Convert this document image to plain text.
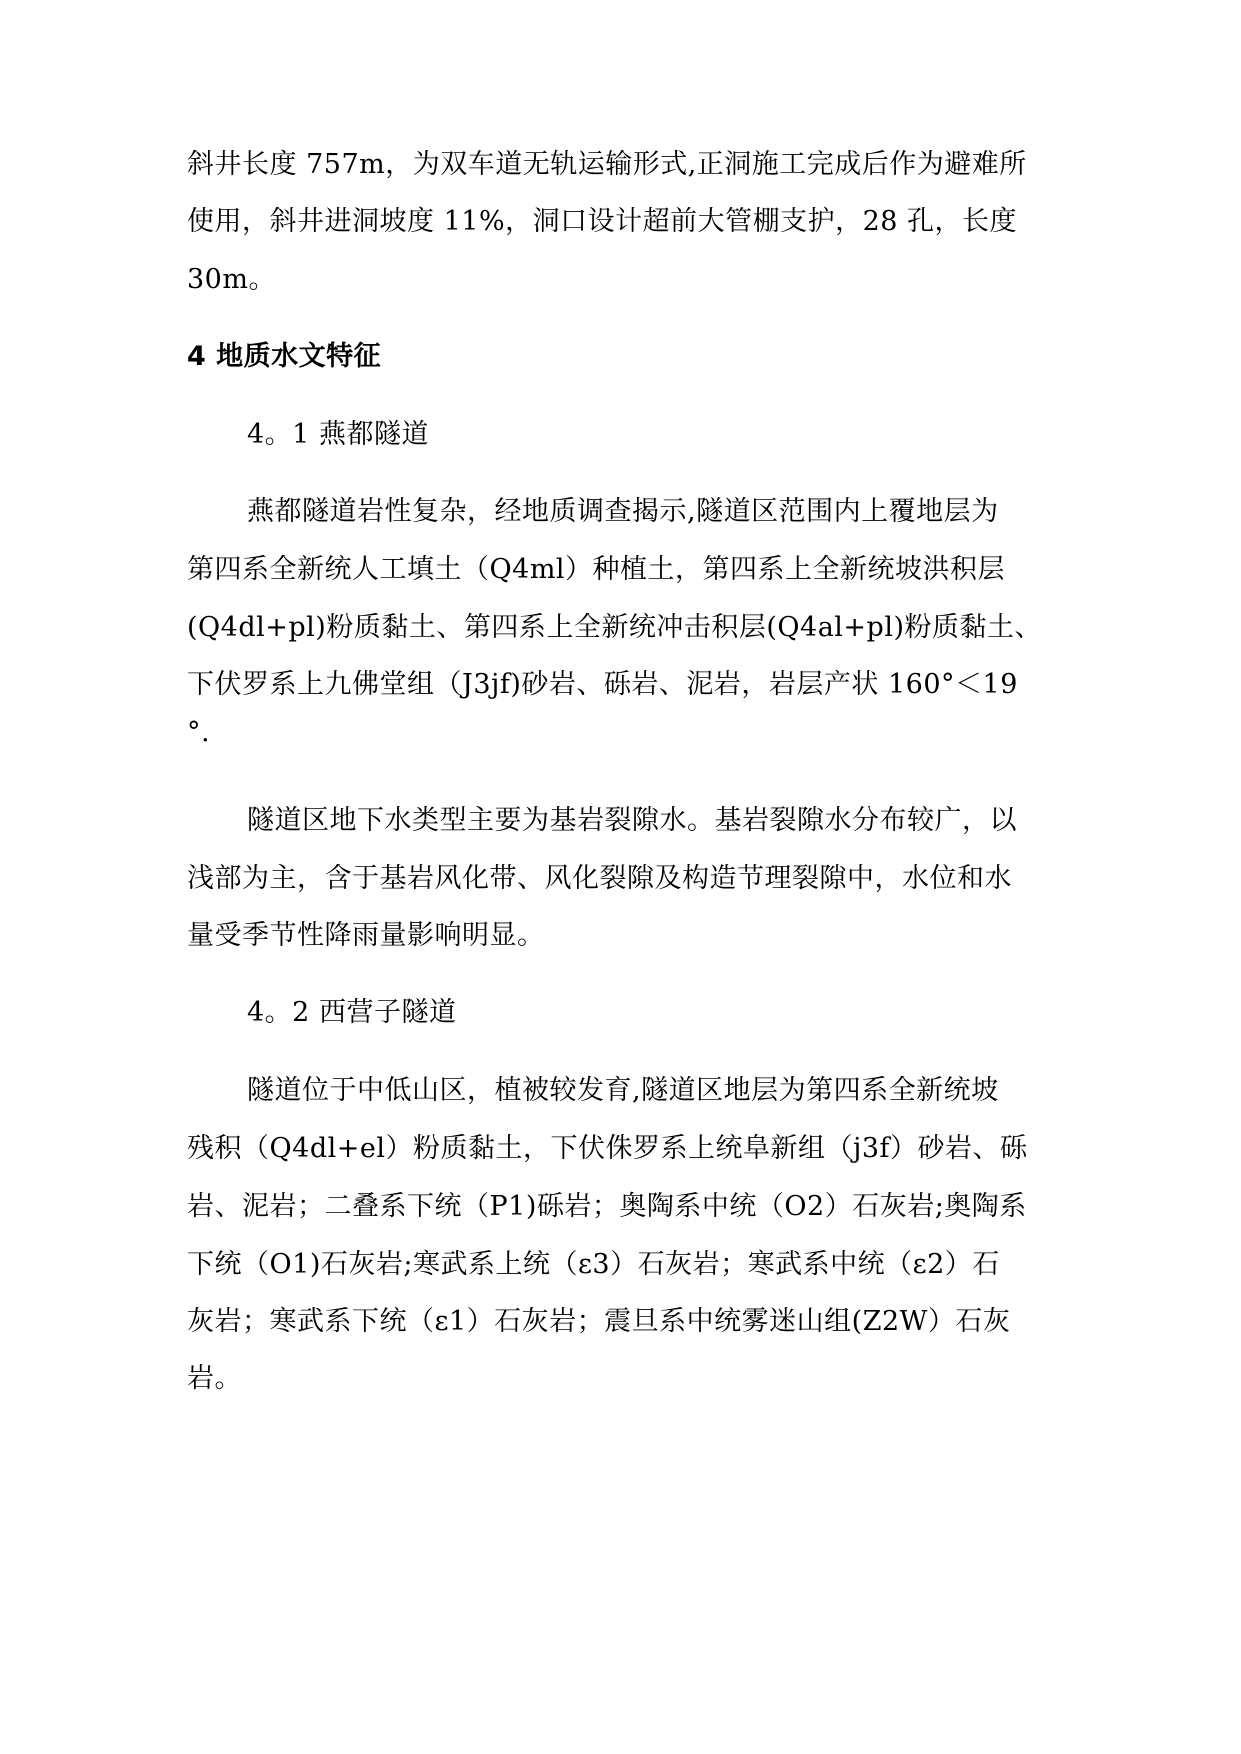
斜井长度 757m，为双车道无轨运输形式,正洞施工完成后作为避难所
使用，斜井进洞坡度 11%，洞口设计超前大管棚支护，28 孔，长度
30m。
4 地质水文特征
4。1 燕都隧道
燕都隧道岩性复杂，经地质调查揭示,隧道区范围内上覆地层为
第四系全新统人工填土（Q4ml）种植土，第四系上全新统坡洪积层
(Q4dl+pl)粉质黏土、第四系上全新统冲击积层(Q4al+pl)粉质黏土、
下伏罗系上九佛堂组（J3jf)砂岩、砾岩、泥岩，岩层产状 160°＜19
°.
隧道区地下水类型主要为基岩裂隙水。基岩裂隙水分布较广，以
浅部为主，含于基岩风化带、风化裂隙及构造节理裂隙中，水位和水
量受季节性降雨量影响明显。
4。2 西营子隧道
隧道位于中低山区，植被较发育,隧道区地层为第四系全新统坡
残积（Q4dl+el）粉质黏土，下伏侏罗系上统阜新组（j3f）砂岩、砾
岩、泥岩；二叠系下统（P1)砾岩；奥陶系中统（O2）石灰岩;奥陶系
下统（O1)石灰岩;寒武系上统（ε3）石灰岩；寒武系中统（ε2）石
灰岩；寒武系下统（ε1）石灰岩；震旦系中统雾迷山组(Z2W）石灰
岩。
